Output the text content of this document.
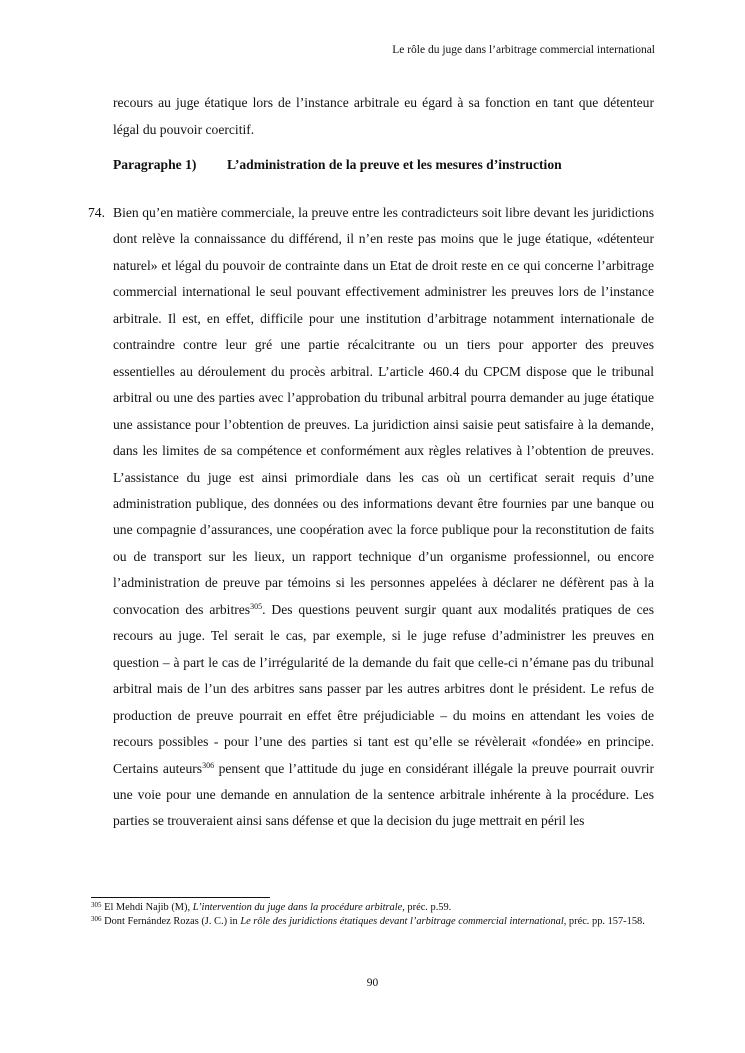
Le rôle du juge dans l’arbitrage commercial international

recours au juge étatique lors de l’instance arbitrale eu égard à sa fonction en tant que détenteur légal du pouvoir coercitif.

Paragraphe 1) L’administration de la preuve et les mesures d’instruction
74. Bien qu’en matière commerciale, la preuve entre les contradicteurs soit libre devant les juridictions dont relève la connaissance du différend, il n’en reste pas moins que le juge étatique, «détenteur naturel» et légal du pouvoir de contrainte dans un Etat de droit reste en ce qui concerne l’arbitrage commercial international le seul pouvant effectivement administrer les preuves lors de l’instance arbitrale. Il est, en effet, difficile pour une institution d’arbitrage notamment internationale de contraindre contre leur gré une partie récalcitrante ou un tiers pour apporter des preuves essentielles au déroulement du procès arbitral. L’article 460.4 du CPCM dispose que le tribunal arbitral ou une des parties avec l’approbation du tribunal arbitral pourra demander au juge étatique une assistance pour l’obtention de preuves. La juridiction ainsi saisie peut satisfaire à la demande, dans les limites de sa compétence et conformément aux règles relatives à l’obtention de preuves. L’assistance du juge est ainsi primordiale dans les cas où un certificat serait requis d’une administration publique, des données ou des informations devant être fournies par une banque ou une compagnie d’assurances, une coopération avec la force publique pour la reconstitution de faits ou de transport sur les lieux, un rapport technique d’un organisme professionnel, ou encore l’administration de preuve par témoins si les personnes appelées à déclarer ne défèrent pas à la convocation des arbitres$^{305}$. Des questions peuvent surgir quant aux modalités pratiques de ces recours au juge. Tel serait le cas, par exemple, si le juge refuse d’administrer les preuves en question – à part le cas de l’irrégularité de la demande du fait que celle-ci n’émane pas du tribunal arbitral mais de l’un des arbitres sans passer par les autres arbitres dont le président. Le refus de production de preuve pourrait en effet être préjudiciable – du moins en attendant les voies de recours possibles - pour l’une des parties si tant est qu’elle se révèlerait «fondée» en principe. Certains auteurs$^{306}$ pensent que l’attitude du juge en considérant illégale la preuve pourrait ouvrir une voie pour une demande en annulation de la sentence arbitrale inhérente à la procédure. Les parties se trouveraient ainsi sans défense et que la decision du juge mettrait en péril les

$^{305}$ El Mehdi Najib (M), L’intervention du juge dans la procédure arbitrale, préc. p.59.

$^{306}$ Dont Fernández Rozas (J. C.) in Le rôle des juridictions étatiques devant l’arbitrage commercial international, préc. pp. 157-158.

90
